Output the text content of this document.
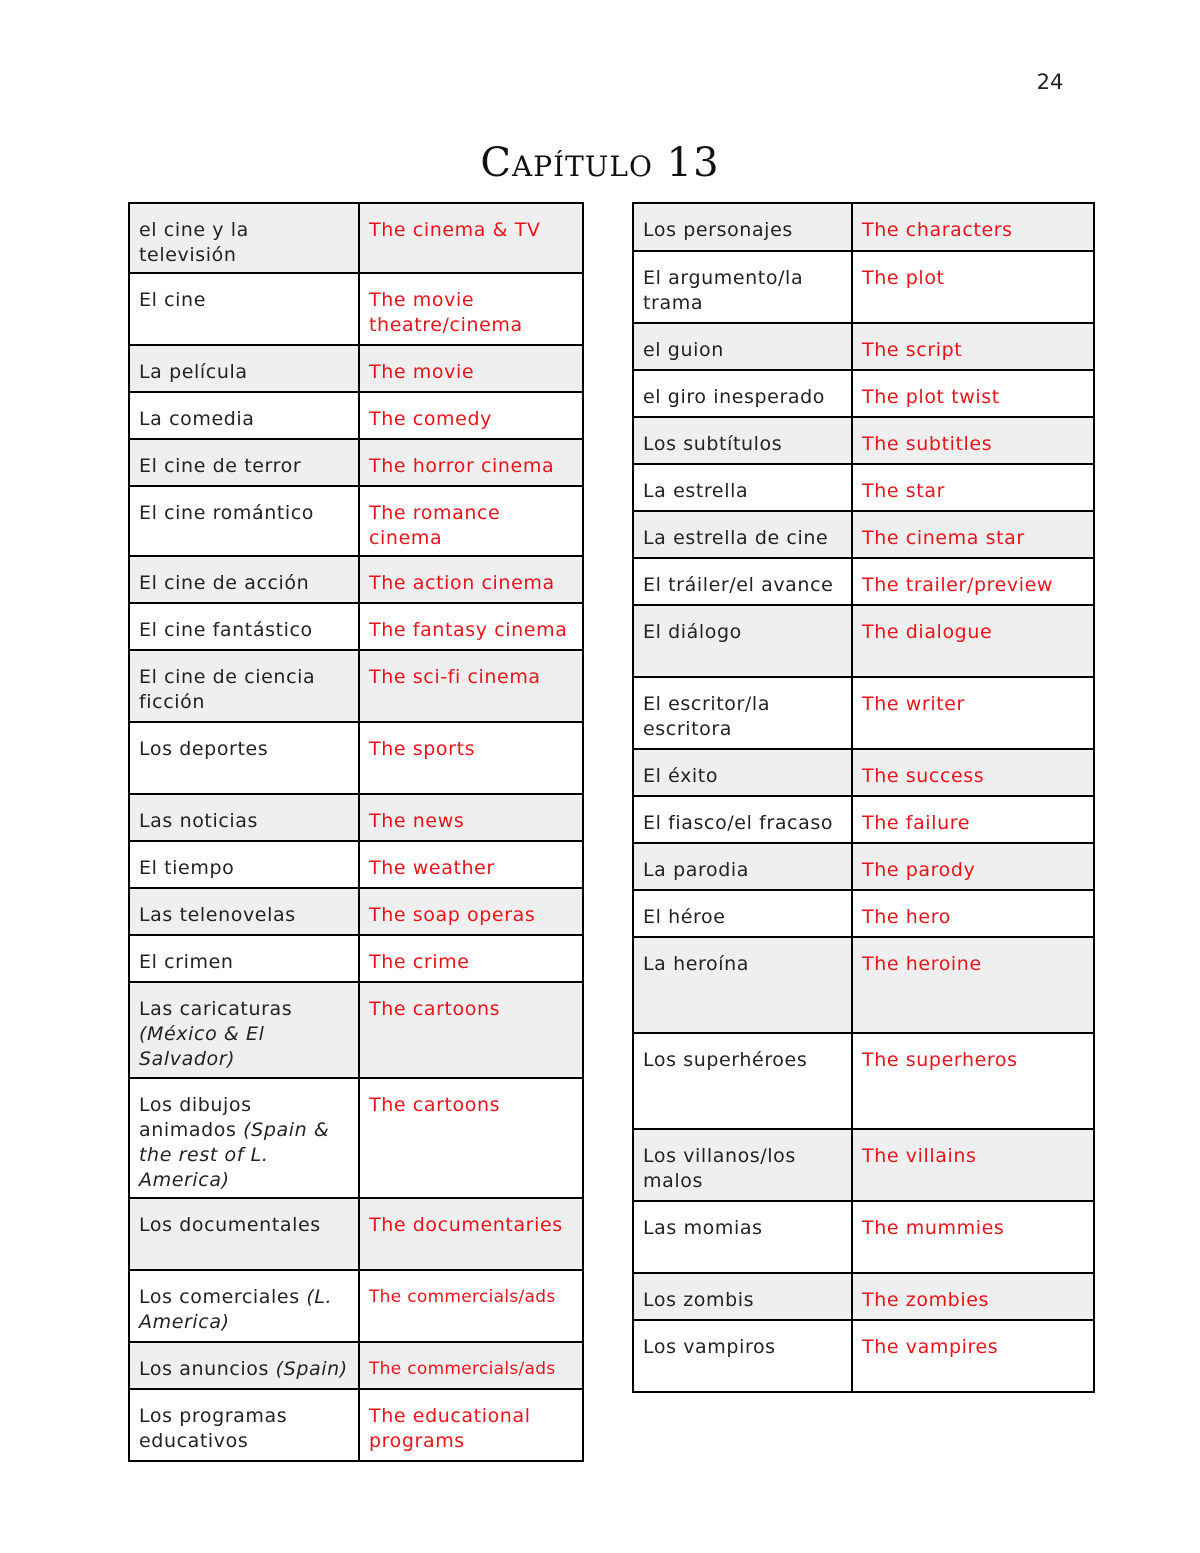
24
Capítulo 13
el cine y la televisión	The cinema & TV
El cine	The movie theatre/cinema
La película	The movie
La comedia	The comedy
El cine de terror	The horror cinema
El cine romántico	The romance cinema
El cine de acción	The action cinema
El cine fantástico	The fantasy cinema
El cine de ciencia ficción	The sci-fi cinema
Los deportes	The sports
Las noticias	The news
El tiempo	The weather
Las telenovelas	The soap operas
El crimen	The crime
Las caricaturas (México & El Salvador)	The cartoons
Los dibujos animados (Spain & the rest of L. America)	The cartoons
Los documentales	The documentaries
Los comerciales (L. America)	The commercials/ads
Los anuncios (Spain)	The commercials/ads
Los programas educativos	The educational programs
Los personajes	The characters
El argumento/la trama	The plot
el guion	The script
el giro inesperado	The plot twist
Los subtítulos	The subtitles
La estrella	The star
La estrella de cine	The cinema star
El tráiler/el avance	The trailer/preview
El diálogo	The dialogue
El escritor/la escritora	The writer
El éxito	The success
El fiasco/el fracaso	The failure
La parodia	The parody
El héroe	The hero
La heroína	The heroine
Los superhéroes	The superheros
Los villanos/los malos	The villains
Las momias	The mummies
Los zombis	The zombies
Los vampiros	The vampires
